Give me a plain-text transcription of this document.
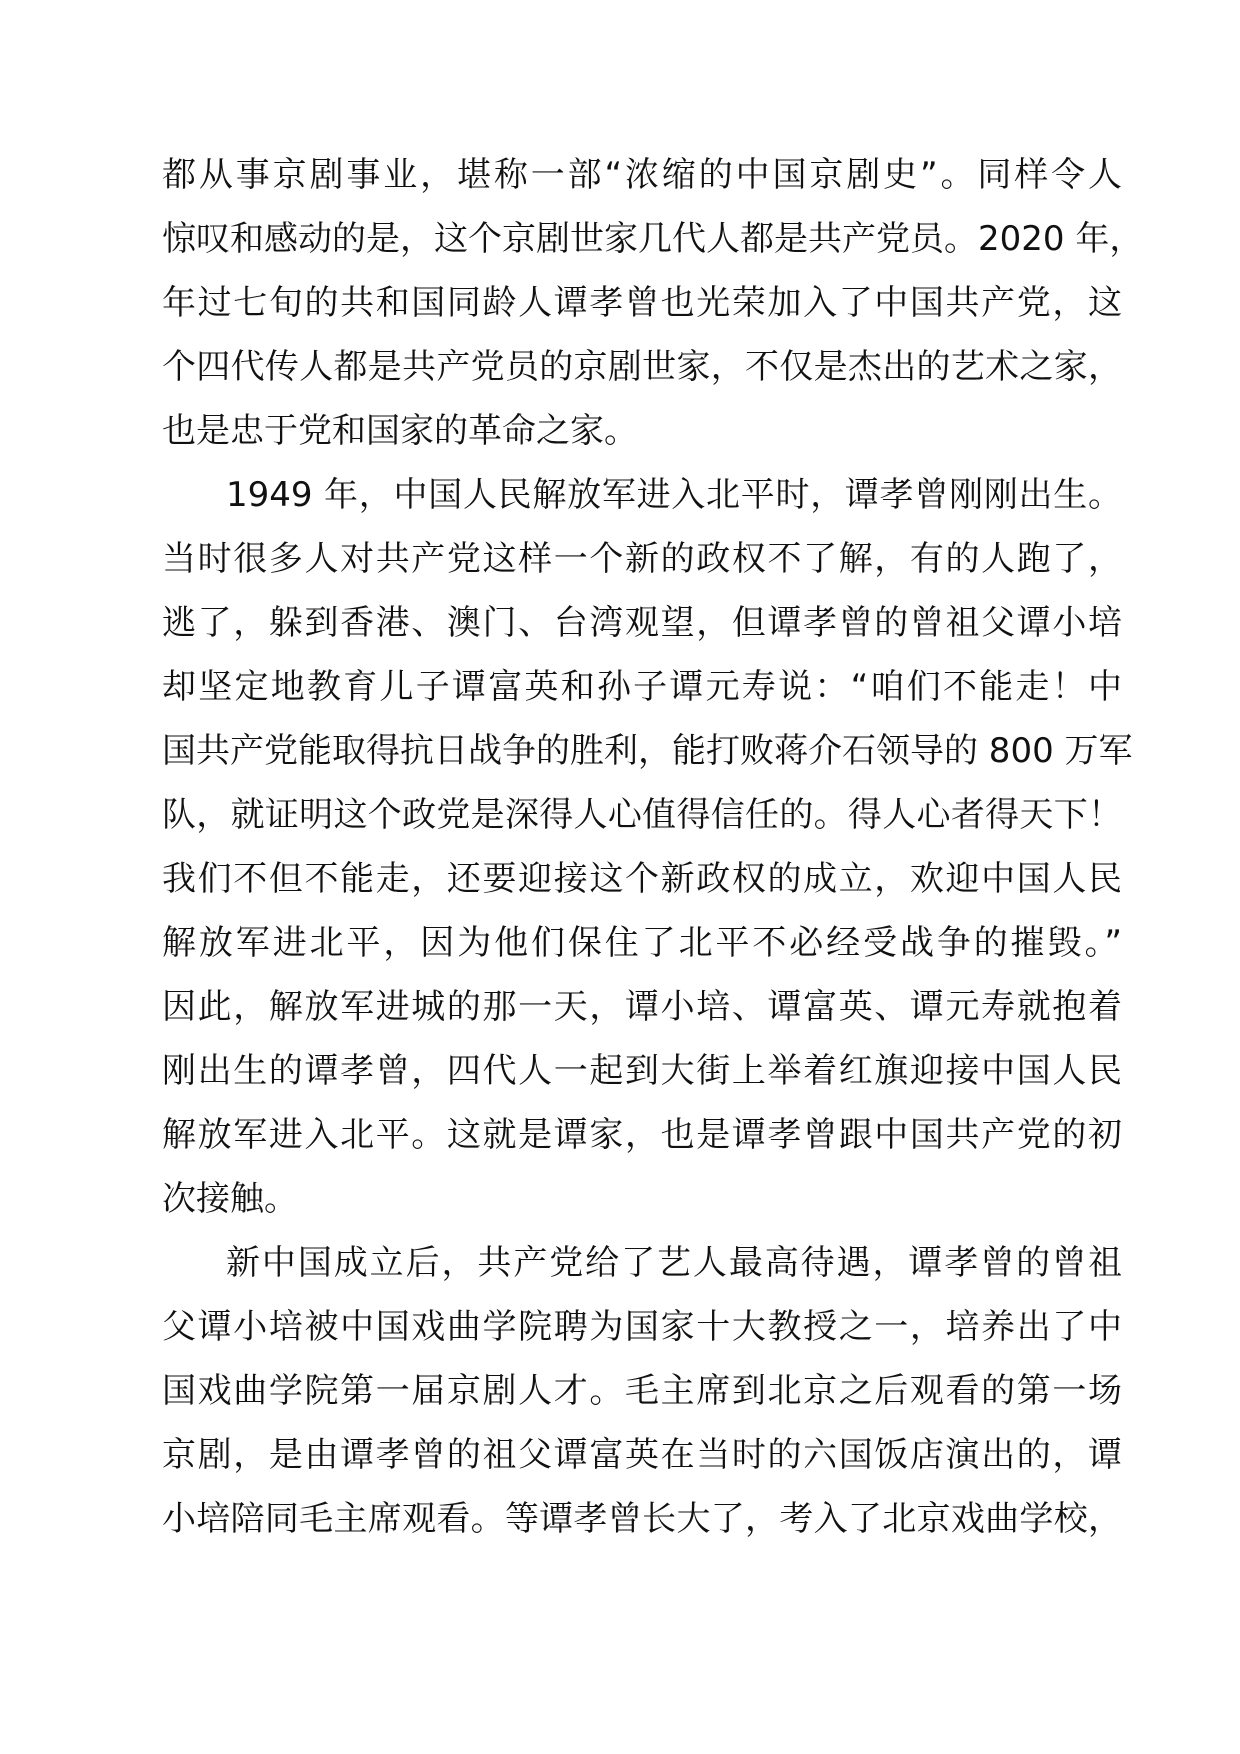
都从事京剧事业，堪称一部“浓缩的中国京剧史”。同样令人
惊叹和感动的是，这个京剧世家几代人都是共产党员。2020 年，
年过七旬的共和国同龄人谭孝曾也光荣加入了中国共产党，这
个四代传人都是共产党员的京剧世家，不仅是杰出的艺术之家，
也是忠于党和国家的革命之家。
1949 年，中国人民解放军进入北平时，谭孝曾刚刚出生。
当时很多人对共产党这样一个新的政权不了解，有的人跑了，
逃了，躲到香港、澳门、台湾观望，但谭孝曾的曾祖父谭小培
却坚定地教育儿子谭富英和孙子谭元寿说：“咱们不能走！中
国共产党能取得抗日战争的胜利，能打败蒋介石领导的 800 万军
队，就证明这个政党是深得人心值得信任的。得人心者得天下！
我们不但不能走，还要迎接这个新政权的成立，欢迎中国人民
解放军进北平，因为他们保住了北平不必经受战争的摧毁。”
因此，解放军进城的那一天，谭小培、谭富英、谭元寿就抱着
刚出生的谭孝曾，四代人一起到大街上举着红旗迎接中国人民
解放军进入北平。这就是谭家，也是谭孝曾跟中国共产党的初
次接触。
新中国成立后，共产党给了艺人最高待遇，谭孝曾的曾祖
父谭小培被中国戏曲学院聘为国家十大教授之一，培养出了中
国戏曲学院第一届京剧人才。毛主席到北京之后观看的第一场
京剧，是由谭孝曾的祖父谭富英在当时的六国饭店演出的，谭
小培陪同毛主席观看。等谭孝曾长大了，考入了北京戏曲学校，
